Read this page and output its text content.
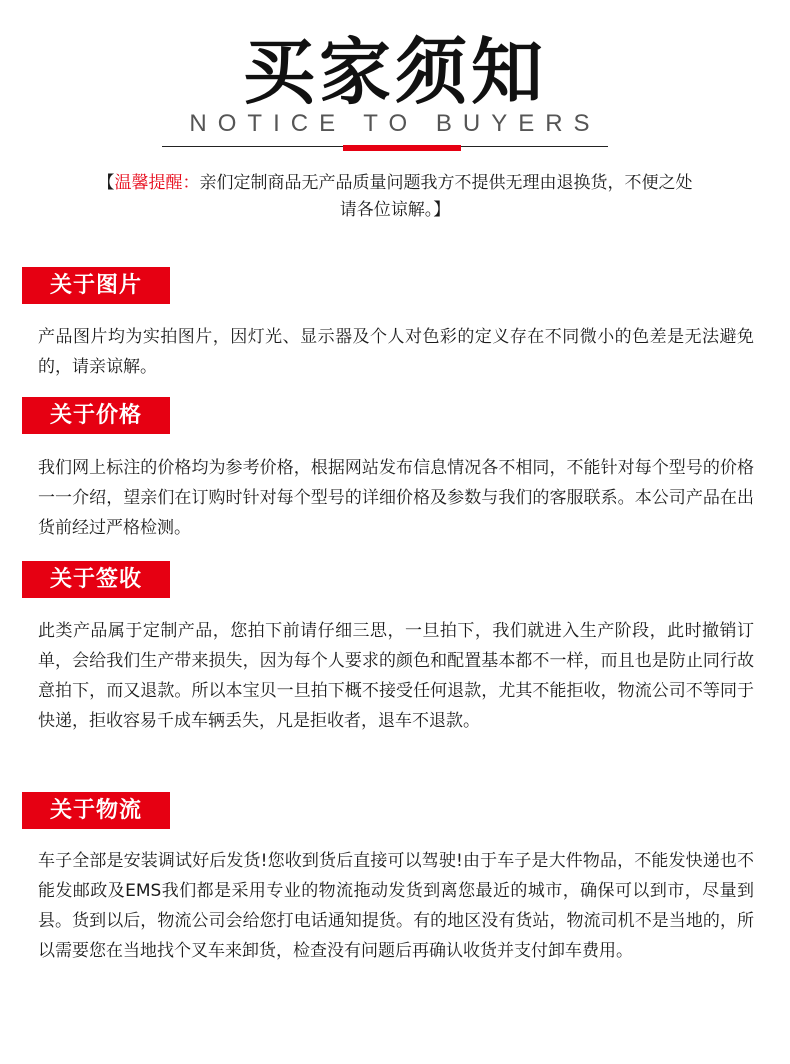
买家须知
NOTICE TO BUYERS
【温馨提醒：亲们定制商品无产品质量问题我方不提供无理由退换货，不便之处请各位谅解。】
关于图片
产品图片均为实拍图片，因灯光、显示器及个人对色彩的定义存在不同微小的色差是无法避免的，请亲谅解。
关于价格
我们网上标注的价格均为参考价格，根据网站发布信息情况各不相同，不能针对每个型号的价格一一介绍，望亲们在订购时针对每个型号的详细价格及参数与我们的客服联系。本公司产品在出货前经过严格检测。
关于签收
此类产品属于定制产品，您拍下前请仔细三思，一旦拍下，我们就进入生产阶段，此时撤销订单，会给我们生产带来损失，因为每个人要求的颜色和配置基本都不一样，而且也是防止同行故意拍下，而又退款。所以本宝贝一旦拍下概不接受任何退款，尤其不能拒收，物流公司不等同于快递，拒收容易千成车辆丢失，凡是拒收者，退车不退款。
关于物流
车子全部是安装调试好后发货!您收到货后直接可以驾驶!由于车子是大件物品，不能发快递也不能发邮政及EMS我们都是采用专业的物流拖动发货到离您最近的城市，确保可以到市，尽量到县。货到以后，物流公司会给您打电话通知提货。有的地区没有货站，物流司机不是当地的，所以需要您在当地找个叉车来卸货，检查没有问题后再确认收货并支付卸车费用。
